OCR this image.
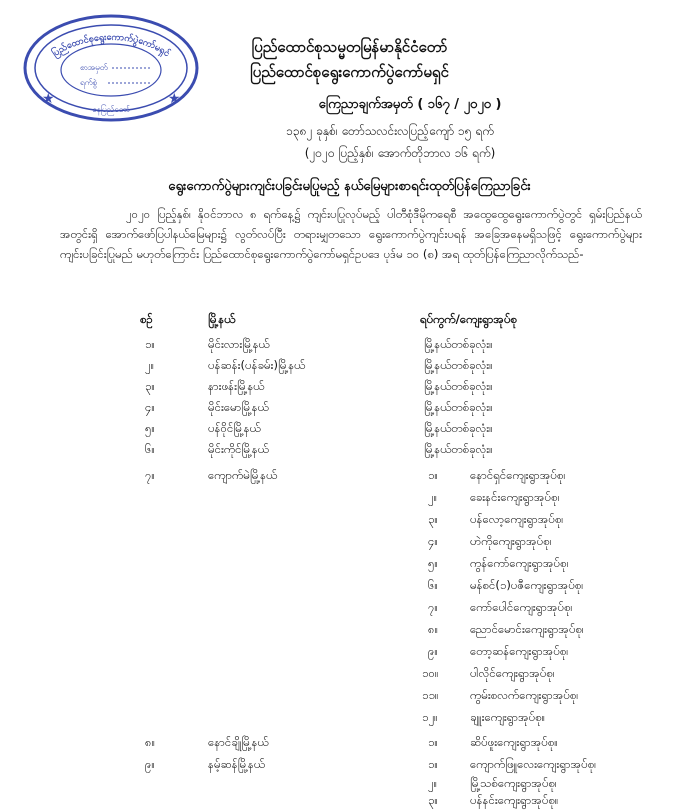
ပြည်ထောင်စုရွေးကောက်ပွဲကော်မရှင်
စာအမှတ်
ရက်စွဲ
နေပြည်တော်
★	★
ပြည်ထောင်စုသမ္မတမြန်မာနိုင်ငံတော်
ပြည်ထောင်စုရွေးကောက်ပွဲကော်မရှင်
ကြေညာချက်အမှတ် ( ၁၆၇ / ၂၀၂၀ )
၁၃၈၂ ခုနှစ်၊ တော်သလင်းလပြည့်ကျော် ၁၅ ရက်
(၂၀၂၀ ပြည့်နှစ်၊ အောက်တိုဘာလ ၁၆ ရက်)
ရွေးကောက်ပွဲများကျင်းပခြင်းမပြုမည့် နယ်မြေများစာရင်းထုတ်ပြန်ကြေညာခြင်း
၂၀၂၀ ပြည့်နှစ်၊ နိုဝင်ဘာလ ၈ ရက်နေ့၌ ကျင်းပပြုလုပ်မည့် ပါတီစုံဒီမိုကရေစီ အထွေထွေရွေးကောက်ပွဲတွင် ရှမ်းပြည်နယ်အတွင်းရှိ အောက်ဖော်ပြပါနယ်မြေများ၌ လွတ်လပ်ပြီး တရားမျှတသော ရွေးကောက်ပွဲကျင်းပရန် အခြေအနေမရှိသဖြင့် ရွေးကောက်ပွဲများ ကျင်းပခြင်းပြုမည် မဟုတ်ကြောင်း ပြည်ထောင်စုရွေးကောက်ပွဲကော်မရှင်ဥပဒေ ပုဒ်မ ၁၀ (စ) အရ ထုတ်ပြန်ကြေညာလိုက်သည်-
စဉ်	မြို့နယ်	ရပ်ကွက်/ကျေးရွာအုပ်စု
၁။	မိုင်းလားမြို့နယ်	မြို့နယ်တစ်ခုလုံး။
၂။	ပန်ဆန်း(ပန်ခမ်း)မြို့နယ်	မြို့နယ်တစ်ခုလုံး။
၃။	နားဖန်းမြို့နယ်	မြို့နယ်တစ်ခုလုံး။
၄။	မိုင်းမောမြို့နယ်	မြို့နယ်တစ်ခုလုံး။
၅။	ပန်ဝိုင်မြို့နယ်	မြို့နယ်တစ်ခုလုံး။
၆။	မိုင်းကိုင်မြို့နယ်	မြို့နယ်တစ်ခုလုံး။
၇။	ကျောက်မဲမြို့နယ်	၁။	နောင်ရှင်ကျေးရွာအုပ်စု၊
၂။	ခေးနင်းကျေးရွာအုပ်စု၊
၃။	ပန်လော့ကျေးရွာအုပ်စု၊
၄။	ဟဲကိုကျေးရွာအုပ်စု၊
၅။	ကွန်ကော်ကျေးရွာအုပ်စု၊
၆။	မန်စင်(၁)ပဇီကျေးရွာအုပ်စု၊
၇။	ကော်ပေါင်ကျေးရွာအုပ်စု၊
၈။	ညောင်မောင်းကျေးရွာအုပ်စု၊
၉။	တော့ဆန်ကျေးရွာအုပ်စု၊
၁၀။	ပါလိုင်ကျေးရွာအုပ်စု၊
၁၁။	ကွမ်းစလက်ကျေးရွာအုပ်စု၊
၁၂။	ချူးကျေးရွာအုပ်စု။
၈။	နောင်ချိုမြို့နယ်	၁။	ဆိပ်ဖူးကျေးရွာအုပ်စု။
၉။	နမ့်ဆန်မြို့နယ်	၁။	ကျောက်ဖြူလေးကျေးရွာအုပ်စု၊
၂။	မြို့သစ်ကျေးရွာအုပ်စု၊
၃။	ပန်နင်းကျေးရွာအုပ်စု။
